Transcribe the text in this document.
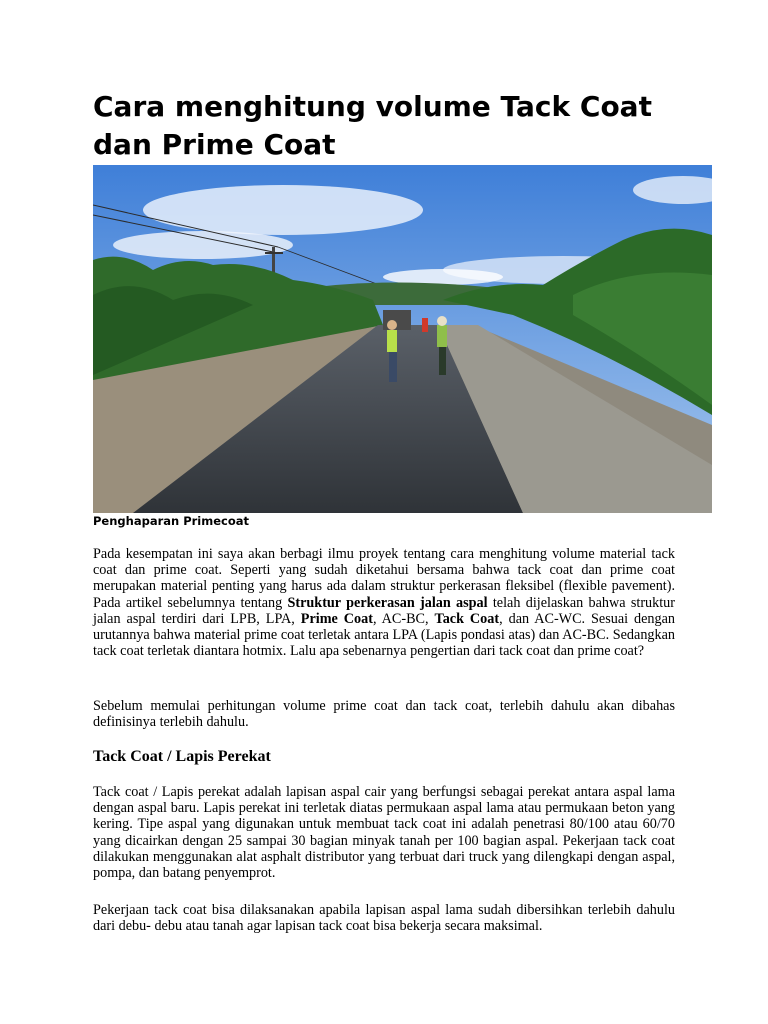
Cara menghitung volume Tack Coat dan Prime Coat
Penghaparan Primecoat

Pada kesempatan ini saya akan berbagi ilmu proyek tentang cara menghitung volume material tack coat dan prime coat. Seperti yang sudah diketahui bersama bahwa tack coat dan prime coat merupakan material penting yang harus ada dalam struktur perkerasan fleksibel (flexible pavement). Pada artikel sebelumnya tentang Struktur perkerasan jalan aspal telah dijelaskan bahwa struktur jalan aspal terdiri dari LPB, LPA, Prime Coat, AC-BC, Tack Coat, dan AC-WC. Sesuai dengan urutannya bahwa material prime coat terletak antara LPA (Lapis pondasi atas) dan AC-BC. Sedangkan tack coat terletak diantara hotmix. Lalu apa sebenarnya pengertian dari tack coat dan prime coat?

Sebelum memulai perhitungan volume prime coat dan tack coat, terlebih dahulu akan dibahas definisinya terlebih dahulu.

Tack Coat / Lapis Perekat

Tack coat / Lapis perekat adalah lapisan aspal cair yang berfungsi sebagai perekat antara aspal lama dengan aspal baru. Lapis perekat ini terletak diatas permukaan aspal lama atau permukaan beton yang kering. Tipe aspal yang digunakan untuk membuat tack coat ini adalah penetrasi 80/100 atau 60/70 yang dicairkan dengan 25 sampai 30 bagian minyak tanah per 100 bagian aspal. Pekerjaan tack coat dilakukan menggunakan alat asphalt distributor yang terbuat dari truck yang dilengkapi dengan aspal, pompa, dan batang penyemprot.

Pekerjaan tack coat bisa dilaksanakan apabila lapisan aspal lama sudah dibersihkan terlebih dahulu dari debu- debu atau tanah agar lapisan tack coat bisa bekerja secara maksimal.
